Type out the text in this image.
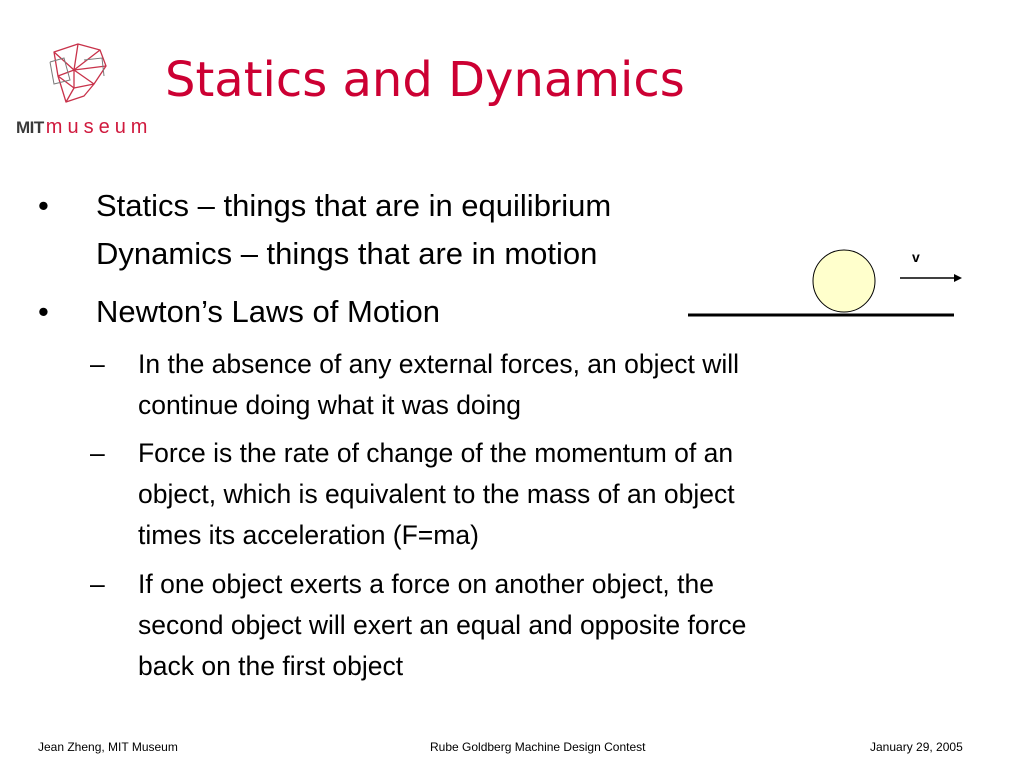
MIT museum
Statics and Dynamics
• Statics – things that are in equilibrium
Dynamics – things that are in motion
• Newton’s Laws of Motion
– In the absence of any external forces, an object will
continue doing what it was doing
– Force is the rate of change of the momentum of an
object, which is equivalent to the mass of an object
times its acceleration (F=ma)
– If one object exerts a force on another object, the
second object will exert an equal and opposite force
back on the first object
v
Jean Zheng, MIT Museum	Rube Goldberg Machine Design Contest	January 29, 2005
